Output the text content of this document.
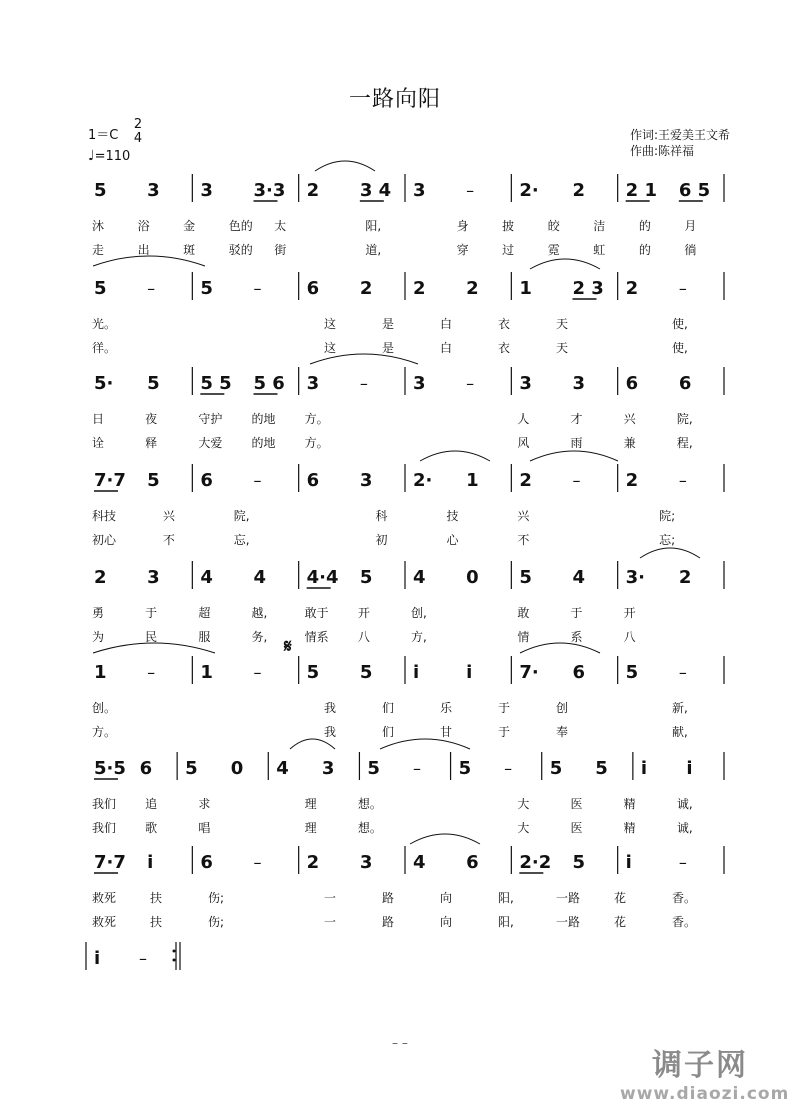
一路向阳
1＝C
2
4
♩=110
作词:王爱美王文希
作曲:陈祥福
5 3 3 3·3 2 3 4 3	–	2· 2 2 1 6 5
沐	浴	金	色的 太	阳,	身	披	皎	洁	的	月
走	出	斑	驳的 街	道,	穿	过	霓	虹	的	徜
5	–	5	–	6 2 2 2 1 2 3 2	–
光。	这	是	白	衣	天	使,
徉。	这	是	白	衣	天	使,
5· 5 5 5 5 6 3	–	3	–	3 3 6 6
日	夜	守护 的地 方。	人	才	兴	院,
诠	释	大爱 的地 方。	风	雨	兼	程,
7·7 5 6	–	6 3 2· 1 2	–	2	–
科技	兴	院,	科	技	兴	院;
初心	不	忘,	初	心	不	忘;
2 3 4 4 4·4 5 4 0 5 4 3· 2
勇	于	超	越,	敢于 开	创,	敢	于	开
为	民	服	务,	情系 八	方,	情	系	八
1	–	1	–	5 5 i	i	7· 6 5	–
创。	我	们	乐	于	创	新,
方。	我	们	甘	于	奉	献,
5·5 6 5 0 4 3 5 – 5 – 5 5 i i
我们 追	求	理	想。	大	医	精	诚,
我们 歌	唱	理	想。	大	医	精	诚,
7·7 i	6	–	2 3 4 6 2·2 5 i	–
救死	扶	伤;	一	路	向	阳,	一路	花	香。
救死	扶	伤;	一	路	向	阳,	一路	花	香。
i –
𝄋
– –
调子网
www.diaozi.com
